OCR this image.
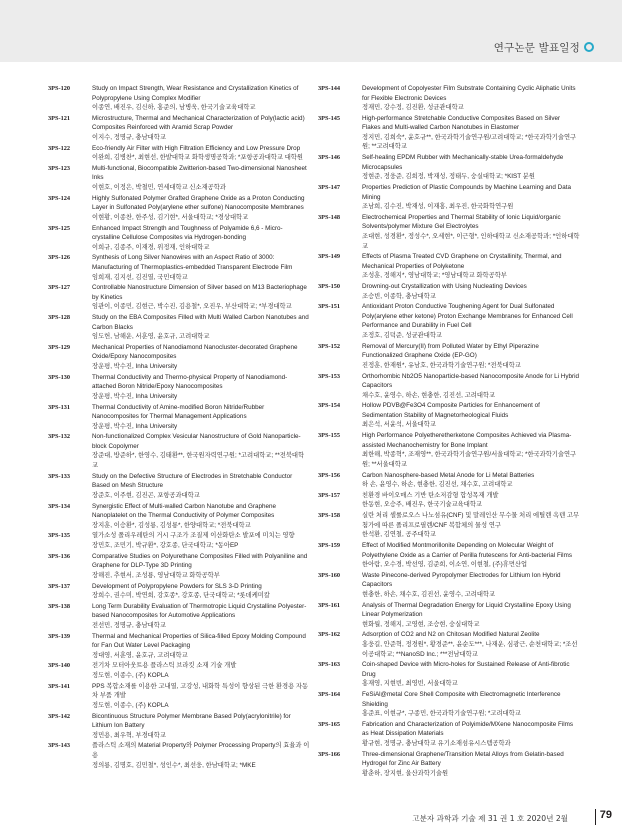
연구논문 발표일정
3PS-120	Study on Impact Strength, Wear Resistance and Crystallization Kinetics of Polypropylene Using Complex Modifier
이종연, 배진우, 김신하, 홍준의, 남병욱, 한국기술교육대학교
3PS-121	Microstructure, Thermal and Mechanical Characterization of Poly(lactic acid) Composites Reinforced with Aramid Scrap Powder
이지수, 정명규, 충남대학교
3PS-122	Eco-friendly Air Filter with High Filtration Efficiency and Low Pressure Drop
이완희, 김병찬*, 최현선, 한밭대학교 화학생명공학과; *포항공과대학교 대학원
3PS-123	Multi-functional, Biocompatible Zwitterion-based Two-dimensional Nanosheet Inks
이현호, 이정은, 박철민, 연세대학교 신소재공학과
3PS-124	Highly Sulfonated Polymer Grafted Graphene Oxide as a Proton Conducting Layer in Sulfonated Poly(arylene ether sulfone) Nanocomposite Membranes
이현황, 이종찬, 한주성, 김기현*, 서울대학교; *경상대학교
3PS-125	Enhanced Impact Strength and Toughness of Polyamide 6,6 - Micro-crystalline Cellulose Composites via Hydrogen-bonding
이희규, 김종주, 이재경, 위정재, 인하대학교
3PS-126	Synthesis of Long Silver Nanowires with an Aspect Ratio of 3000: Manufacturing of Thermoplastics-embedded Transparent Electrode Film
임희재, 김지선, 김진열, 국민대학교
3PS-127	Controllable Nanostructure Dimension of Silver based on M13 Bacteriophage by Kinetics
임관이, 이종민, 김현근, 박수진, 김용철*, 오진우, 부산대학교; *부경대학교
3PS-128	Study on the EBA Composites Filled with Multi Walled Carbon Nanotubes and Carbon Blacks
임도헌, 남해운, 서훈영, 윤호규, 고려대학교
3PS-129	Mechanical Properties of Nanodiamond Nanocluster-decorated Graphene Oxide/Epoxy Nanocomposites
장운평, 박수진, Inha University
3PS-130	Thermal Conductivity and Thermo-physical Property of Nanodiamond-attached Boron Nitride/Epoxy Nanocomposites
장운평, 박수진, Inha University
3PS-131	Thermal Conductivity of Amine-modified Boron Nitride/Rubber Nanocomposites for Thermal Management Applications
장운평, 박수진, Inha University
3PS-132	Non-functionalized Complex Vesicular Nanostructure of Gold Nanoparticle-block Copolymer
장준대, 방준하*, 한영수, 김태환**, 한국원자력연구원; *고려대학교; **전북대학교
3PS-133	Study on the Defective Structure of Electrodes in Stretchable Conductor Based on Mesh Structure
장준호, 이주현, 김진곤, 포항공과대학교
3PS-134	Synergistic Effect of Multi-walled Carbon Nanotube and Graphene Nanoplatelet on the Thermal Conductivity of Polymer Composites
장지훈, 이승환*, 김성룡, 김성룡*, 한양대학교; *전북대학교
3PS-135	열가소성 폴리우레탄의 거시 구조가 조질제 이산화탄소 발포에 미치는 영향
장민호, 조민기, 박규환*, 강호종, 단국대학교; *동아EP
3PS-136	Comparative Studies on Polyurethane Composites Filled with Polyaniline and Graphene for DLP-Type 3D Printing
장해진, 추현서, 조성룡, 영남대학교 화학공학부
3PS-137	Development of Polypropylene Powders for SLS 3-D Printing
장희수, 권수미, 박연희, 강호종*, 강호종, 단국대학교; *롯데케미칼
3PS-138	Long Term Durability Evaluation of Thermotropic Liquid Crystalline Polyester-based Nanocomposites for Automotive Applications
전선민, 정명규, 충남대학교
3PS-139	Thermal and Mechanical Properties of Silica-filled Epoxy Molding Compound for Fan Out Water Level Packaging
정대영, 서훈영, 윤호규, 고려대학교
3PS-140	전기차 모터아웃트용 플라스틱 브라킷 소재 기술 개발
정도현, 이종수, (주) KOPLA
3PS-141	PPS 복합소재를 이용한 고내열, 고강성, 내화학 특성이 향상된 극한 환경용 자동차 부품 개발
정도현, 이종수, (주) KOPLA
3PS-142	Bicontinuous Structure Polymer Membrane Based Poly(acrylonitrile) for Lithium Ion Battery
정민용, 최우혁, 부경대학교
3PS-143	플라스틱 소재의 Material Property와 Polymer Processing Property의 효율과 이용
정의룡, 김명호, 김민철*, 성인수*, 최선웅, 한남대학교; *MKE
3PS-144	Development of Copolyester Film Substrate Containing Cyclic Aliphatic Units for Flexible Electronic Devices
정재민, 강수정, 김진환, 성균관대학교
3PS-145	High-performance Stretchable Conductive Composites Based on Silver Flakes and Multi-walled Carbon Nanotubes in Elastomer
정지민, 김희숙*, 윤호규**, 한국과학기술연구원/고려대학교; *한국과학기술연구원; **고려대학교
3PS-146	Self-healing EPDM Rubber with Mechanically-stable Urea-formaldehyde Microcapsules
정현준, 정웅준, 김희정, 박재성, 정태두, 숭실대학교; *KIST 분원
3PS-147	Properties Prediction of Plastic Compounds by Machine Learning and Data Mining
조남희, 김수진, 박재성, 이재홍, 최우진, 한국화학연구원
3PS-148	Electrochemical Properties and Thermal Stability of Ionic Liquid/organic Solvents/polymer Mixture Gel Electrolytes
조대현, 성경환*, 정성수*, 오세현*, 이근형*, 인하대학교 신소재공학과; *인하대학교
3PS-149	Effects of Plasma Treated CVD Graphene on Crystallinity, Thermal, and Mechanical Properties of Polyketone
조성훈, 정해지*, 영남대학교; *영남대학교 화학공학부
3PS-150	Drowning-out Crystallization with Using Nucleating Devices
조승빈, 이종학, 충남대학교
3PS-151	Antioxidant Proton Conductive Toughening Agent for Dual Sulfonated Poly(arylene ether ketone) Proton Exchange Membranes for Enhanced Cell Performance and Durability in Fuel Cell
조정호, 김덕준, 성균관대학교
3PS-152	Removal of Mercury(II) from Polluted Water by Ethyl Piperazine Functionalized Graphene Oxide (EP-GO)
진정훈, 한재원*, 유남호, 한국과학기술연구원; *전북대학교
3PS-153	Orthorhombic Nb2O5 Nanoparticle-based Nanocomposite Anode for Li Hybrid Capacitors
채수호, 윤영수, 하손, 현충한, 김진선, 고려대학교
3PS-154	Hollow PDVB@Fe3O4 Composite Particles for Enhancement of Sedimentation Stability of Magnetorheological Fluids
최은석, 서윤석, 서울대학교
3PS-155	High Performance Polyetheretherketone Composites Achieved via Plasma-assisted Mechanochemistry for Bone Implant
최한해, 박종혁*, 조재영**, 한국과학기술연구원/서울대학교; *한국과학기술연구원; **서울대학교
3PS-156	Carbon Nanosphere-based Metal Anode for Li Metal Batteries
하 손, 윤영수, 하손, 현충한, 김진선, 채수호, 고려대학교
3PS-157	친환경 바이오매스 기반 탄소저감형 합성목재 개발
한동현, 오승주, 배진우, 한국기술교육대학교
3PS-158	실란 처리 셀룰로오스 나노섬유(CNF) 및 말레인산 무수물 처리 에틸렌 옥텐 고무 첨가에 따른 폴리프로필렌/CNF 복합체의 물성 연구
한석환, 김연철, 공주대학교
3PS-159	Effect of Modified Montmorillonite Depending on Molecular Weight of Polyethylene Oxide as a Carrier of Perilla frutescens for Anti-bacterial Films
한아람, 오수경, 박선영, 김준희, 이소연, 이현철, (주)휴먼산업
3PS-160	Waste Pinecone-derived Pyropolymer Electrodes for Lithium Ion Hybrid Capacitors
현충한, 하손, 채수호, 김진선, 윤영수, 고려대학교
3PS-161	Analysis of Thermal Degradation Energy for Liquid Crystalline Epoxy Using Linear Polymerization
현화월, 정해지, 고영현, 조승현, 숭실대학교
3PS-162	Adsorption of CO2 and N2 on Chitosan Modified Natural Zeolite
홍웅길, 안준혁, 정경원*, 황경준**, 윤순도***, 나재운, 심광근, 순천대학교; *조선이공대학교; **NanoSD Inc.; ***전남대학교
3PS-163	Coin-shaped Device with Micro-holes for Sustained Release of Anti-fibrotic Drug
홍재영, 지현빈, 최영빈, 서울대학교
3PS-164	FeSiAl@metal Core Shell Composite with Electromagnetic Interference Shielding
홍준표, 이현규*, 구종민, 한국과학기술연구원; *고려대학교
3PS-165	Fabrication and Characterization of Polyimide/MXene Nanocomposite Films as Heat Dissipation Materials
황규현, 정명규, 충남대학교 유기소재섬유시스템공학과
3PS-166	Three-dimensional Graphene/Transition Metal Alloys from Gelatin-based Hydrogel for Zinc Air Battery
황춘하, 장지현, 울산과학기술원
고분자 과학과 기술 제 31 권 1 호 2020년 2월	79
